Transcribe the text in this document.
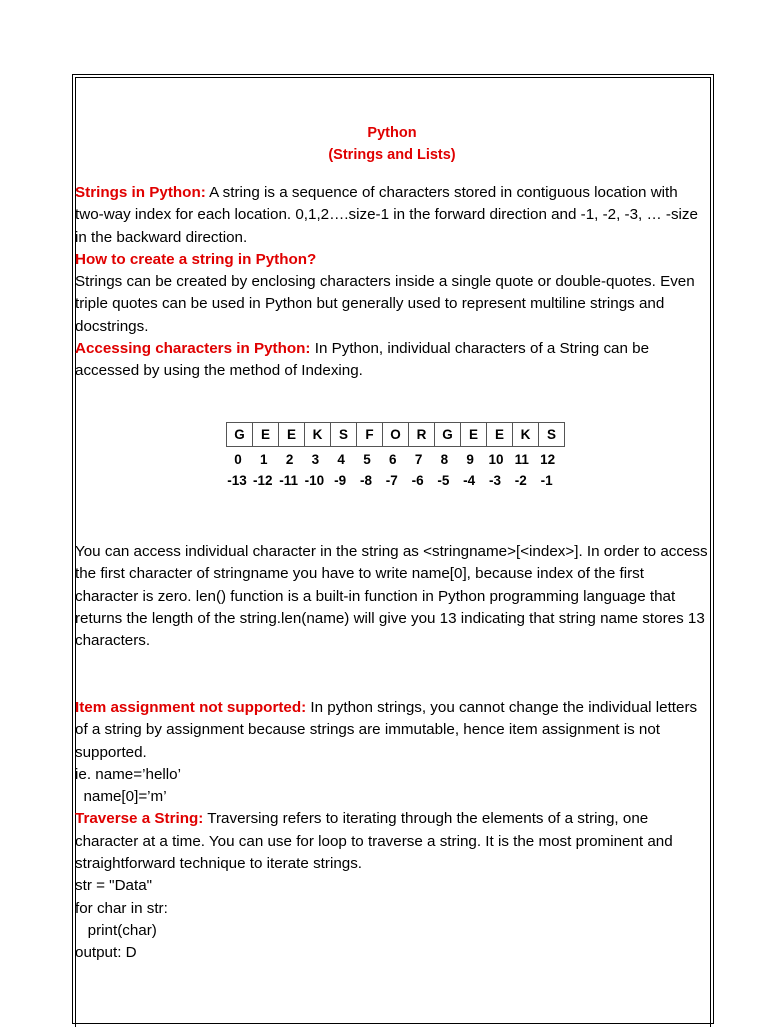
Python
(Strings and Lists)

Strings in Python: A string is a sequence of characters stored in contiguous location with two-way index for each location. 0,1,2….size-1 in the forward direction and -1, -2, -3, … -size in the backward direction.

How to create a string in Python?

Strings can be created by enclosing characters inside a single quote or double-quotes. Even triple quotes can be used in Python but generally used to represent multiline strings and docstrings.

Accessing characters in Python: In Python, individual characters of a String can be accessed by using the method of Indexing.

G	E	E	K	S	F	O	R	G	E	E	K	S
0	1	2	3	4	5	6	7	8	9	10 11 12
-13 -12 -11 -10 -9	-8	-7	-6	-5	-4	-3	-2	-1

You can access individual character in the string as <stringname>[<index>]. In order to access the first character of stringname you have to write name[0], because index of the first character is zero. len() function is a built-in function in Python programming language that returns the length of the string.len(name) will give you 13 indicating that string name stores 13 characters.

Item assignment not supported: In python strings, you cannot change the individual letters of a string by assignment because strings are immutable, hence item assignment is not supported.

ie. name=’hello’
name[0]=’m’

Traverse a String: Traversing refers to iterating through the elements of a string, one character at a time. You can use for loop to traverse a string. It is the most prominent and straightforward technique to iterate strings.

str = "Data"
for char in str:
print(char)
output: D
